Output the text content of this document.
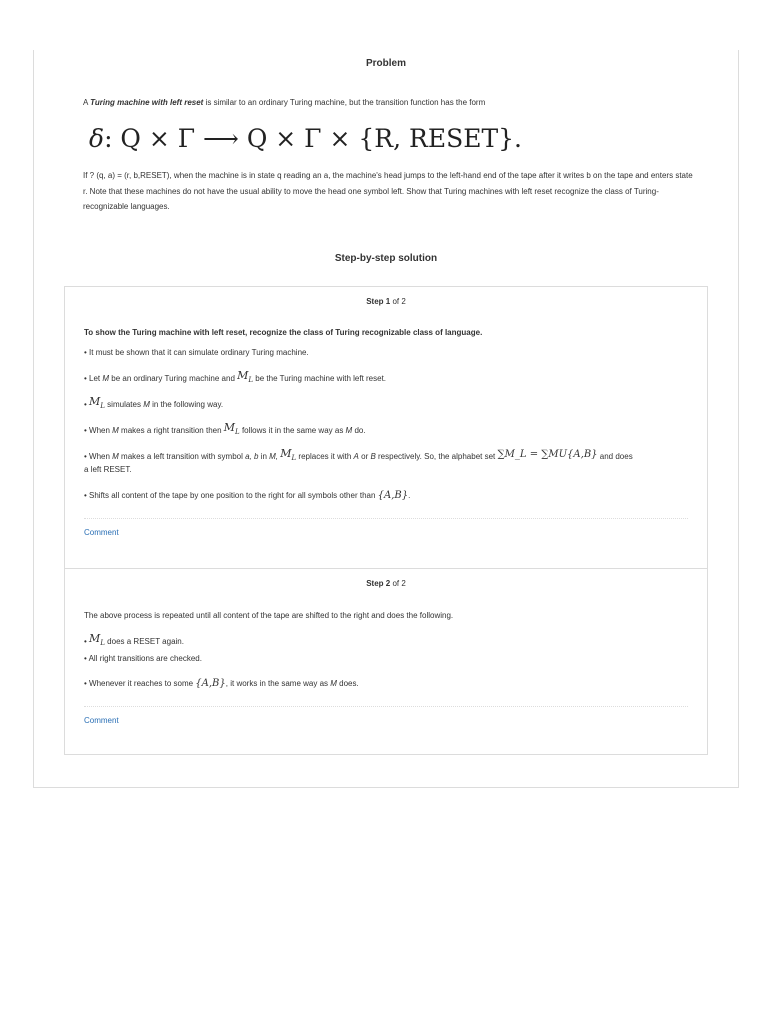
Problem
A Turing machine with left reset is similar to an ordinary Turing machine, but the transition function has the form
δ: Q × Γ ⟶ Q × Γ × {R, RESET}.
If ? (q, a) = (r, b,RESET), when the machine is in state q reading an a, the machine's head jumps to the left-hand end of the tape after it writes b on the tape and enters state r. Note that these machines do not have the usual ability to move the head one symbol left. Show that Turing machines with left reset recognize the class of Turing-recognizable languages.
Step-by-step solution
Step 1 of 2
To show the Turing machine with left reset, recognize the class of Turing recognizable class of language.
• It must be shown that it can simulate ordinary Turing machine.
• Let M be an ordinary Turing machine and $M_L$ be the Turing machine with left reset.
• $M_L$ simulates M in the following way.
• When M makes a right transition then $M_L$ follows it in the same way as M do.
• When M makes a left transition with symbol a, b in M, $M_L$ replaces it with A or B respectively. So, the alphabet set ∑M_L = ∑MU{A,B} and does
a left RESET.
• Shifts all content of the tape by one position to the right for all symbols other than {A,B}.
Comment
Step 2 of 2
The above process is repeated until all content of the tape are shifted to the right and does the following.
• $M_L$ does a RESET again.
• All right transitions are checked.
• Whenever it reaches to some {A,B}, it works in the same way as M does.
Comment
